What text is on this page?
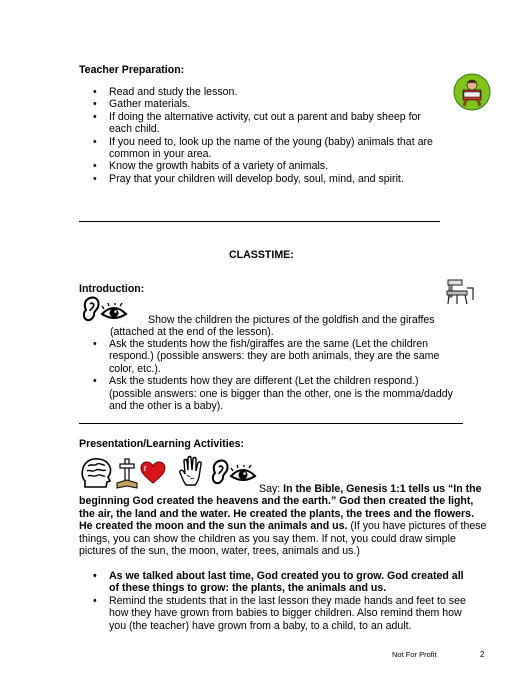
Teacher Preparation:
• Read and study the lesson.
• Gather materials.
• If doing the alternative activity, cut out a parent and baby sheep for each child.
• If you need to, look up the name of the young (baby) animals that are common in your area.
• Know the growth habits of a variety of animals.
• Pray that your children will develop body, soul, mind, and spirit.
CLASSTIME:
Introduction:
Show the children the pictures of the goldfish and the giraffes (attached at the end of the lesson).
• Ask the students how the fish/giraffes are the same (Let the children respond.) (possible answers: they are both animals, they are the same color, etc.).
• Ask the students how they are different (Let the children respond.) (possible answers: one is bigger than the other, one is the momma/daddy and the other is a baby).
Presentation/Learning Activities:
Say: In the Bible, Genesis 1:1 tells us “In the beginning God created the heavens and the earth.” God then created the light, the air, the land and the water. He created the plants, the trees and the flowers. He created the moon and the sun the animals and us. (If you have pictures of these things, you can show the children as you say them. If not, you could draw simple pictures of the sun, the moon, water, trees, animals and us.)
• As we talked about last time, God created you to grow. God created all of these things to grow: the plants, the animals and us.
• Remind the students that in the last lesson they made hands and feet to see how they have grown from babies to bigger children. Also remind them how you (the teacher) have grown from a baby, to a child, to an adult.
Not For Profit	2
